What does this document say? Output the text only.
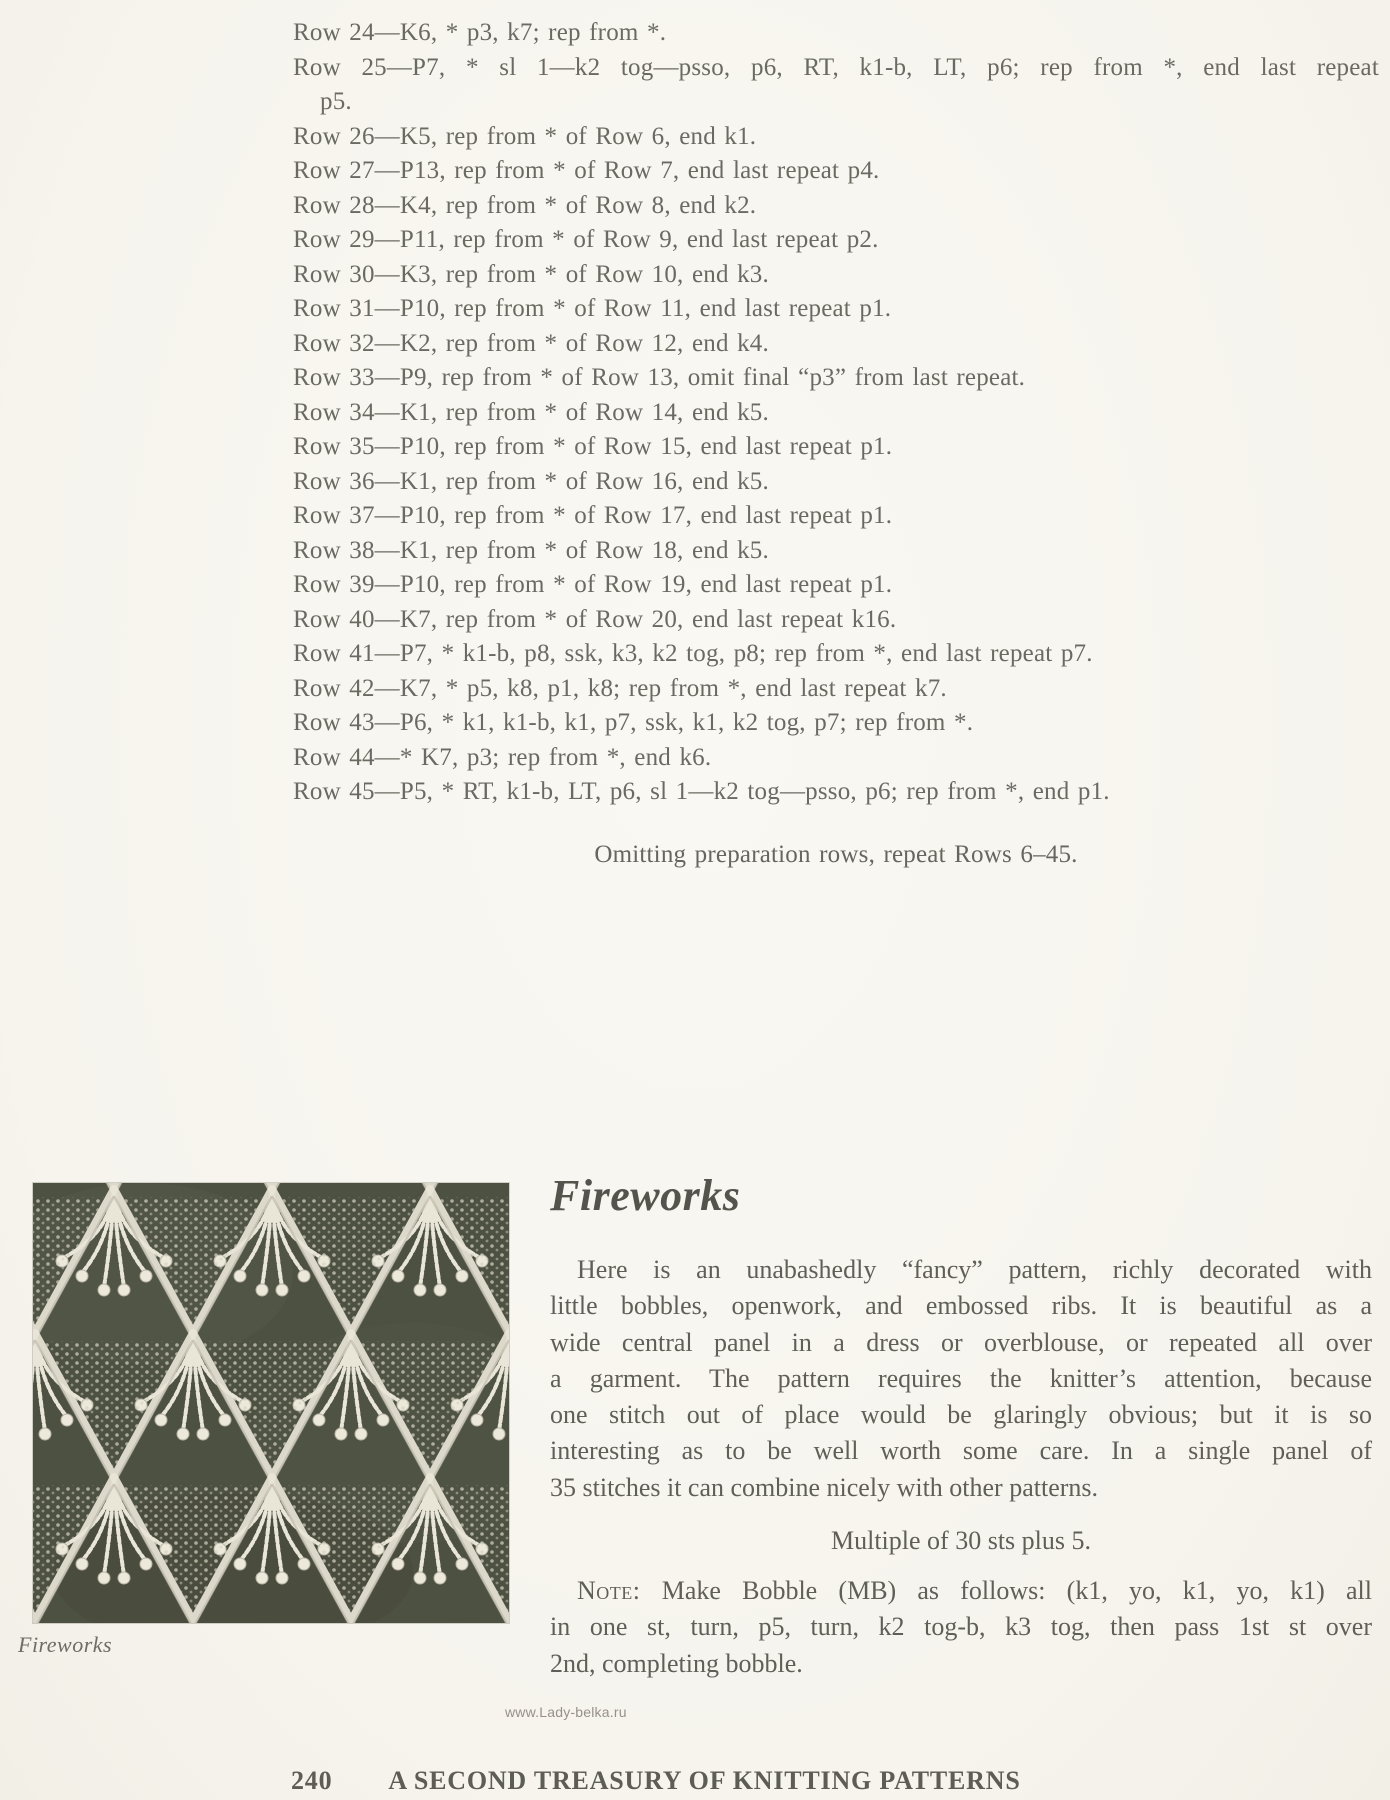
Row 24—K6, * p3, k7; rep from *.
Row 25—P7, * sl 1—k2 tog—psso, p6, RT, k1-b, LT, p6; rep from *, end last repeat
p5.
Row 26—K5, rep from * of Row 6, end k1.
Row 27—P13, rep from * of Row 7, end last repeat p4.
Row 28—K4, rep from * of Row 8, end k2.
Row 29—P11, rep from * of Row 9, end last repeat p2.
Row 30—K3, rep from * of Row 10, end k3.
Row 31—P10, rep from * of Row 11, end last repeat p1.
Row 32—K2, rep from * of Row 12, end k4.
Row 33—P9, rep from * of Row 13, omit final “p3” from last repeat.
Row 34—K1, rep from * of Row 14, end k5.
Row 35—P10, rep from * of Row 15, end last repeat p1.
Row 36—K1, rep from * of Row 16, end k5.
Row 37—P10, rep from * of Row 17, end last repeat p1.
Row 38—K1, rep from * of Row 18, end k5.
Row 39—P10, rep from * of Row 19, end last repeat p1.
Row 40—K7, rep from * of Row 20, end last repeat k16.
Row 41—P7, * k1-b, p8, ssk, k3, k2 tog, p8; rep from *, end last repeat p7.
Row 42—K7, * p5, k8, p1, k8; rep from *, end last repeat k7.
Row 43—P6, * k1, k1-b, k1, p7, ssk, k1, k2 tog, p7; rep from *.
Row 44—* K7, p3; rep from *, end k6.
Row 45—P5, * RT, k1-b, LT, p6, sl 1—k2 tog—psso, p6; rep from *, end p1.
Omitting preparation rows, repeat Rows 6–45.
Fireworks
Fireworks
Here is an unabashedly “fancy” pattern, richly decorated with
little bobbles, openwork, and embossed ribs. It is beautiful as a
wide central panel in a dress or overblouse, or repeated all over
a garment. The pattern requires the knitter’s attention, because
one stitch out of place would be glaringly obvious; but it is so
interesting as to be well worth some care. In a single panel of
35 stitches it can combine nicely with other patterns.
Multiple of 30 sts plus 5.
Note: Make Bobble (MB) as follows: (k1, yo, k1, yo, k1) all
in one st, turn, p5, turn, k2 tog-b, k3 tog, then pass 1st st over
2nd, completing bobble.
www.Lady-belka.ru
240 A SECOND TREASURY OF KNITTING PATTERNS
